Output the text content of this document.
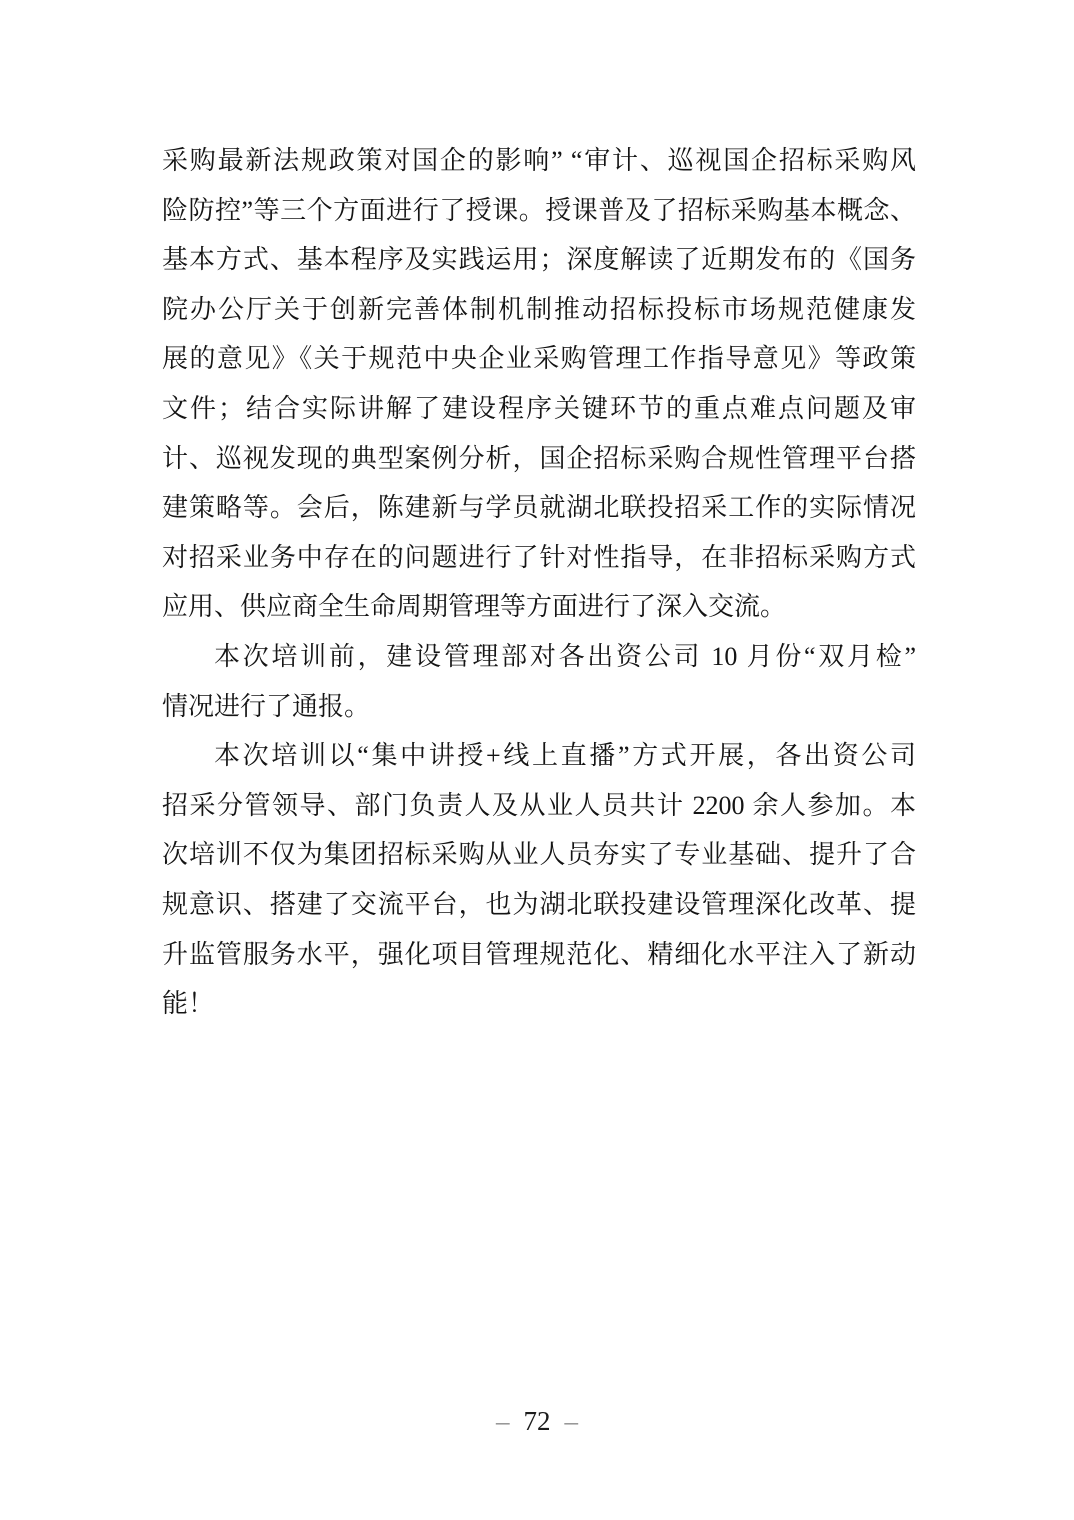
采购最新法规政策对国企的影响” “审计、巡视国企招标采购风
险防控”等三个方面进行了授课。授课普及了招标采购基本概念、
基本方式、基本程序及实践运用；深度解读了近期发布的《国务
院办公厅关于创新完善体制机制推动招标投标市场规范健康发
展的意见》《关于规范中央企业采购管理工作指导意见》等政策
文件；结合实际讲解了建设程序关键环节的重点难点问题及审
计、巡视发现的典型案例分析，国企招标采购合规性管理平台搭
建策略等。会后，陈建新与学员就湖北联投招采工作的实际情况
对招采业务中存在的问题进行了针对性指导，在非招标采购方式
应用、供应商全生命周期管理等方面进行了深入交流。
本次培训前，建设管理部对各出资公司 10 月份“双月检”
情况进行了通报。
本次培训以“集中讲授+线上直播”方式开展，各出资公司
招采分管领导、部门负责人及从业人员共计 2200 余人参加。本
次培训不仅为集团招标采购从业人员夯实了专业基础、提升了合
规意识、搭建了交流平台，也为湖北联投建设管理深化改革、提
升监管服务水平，强化项目管理规范化、精细化水平注入了新动
能！
– 72 –
